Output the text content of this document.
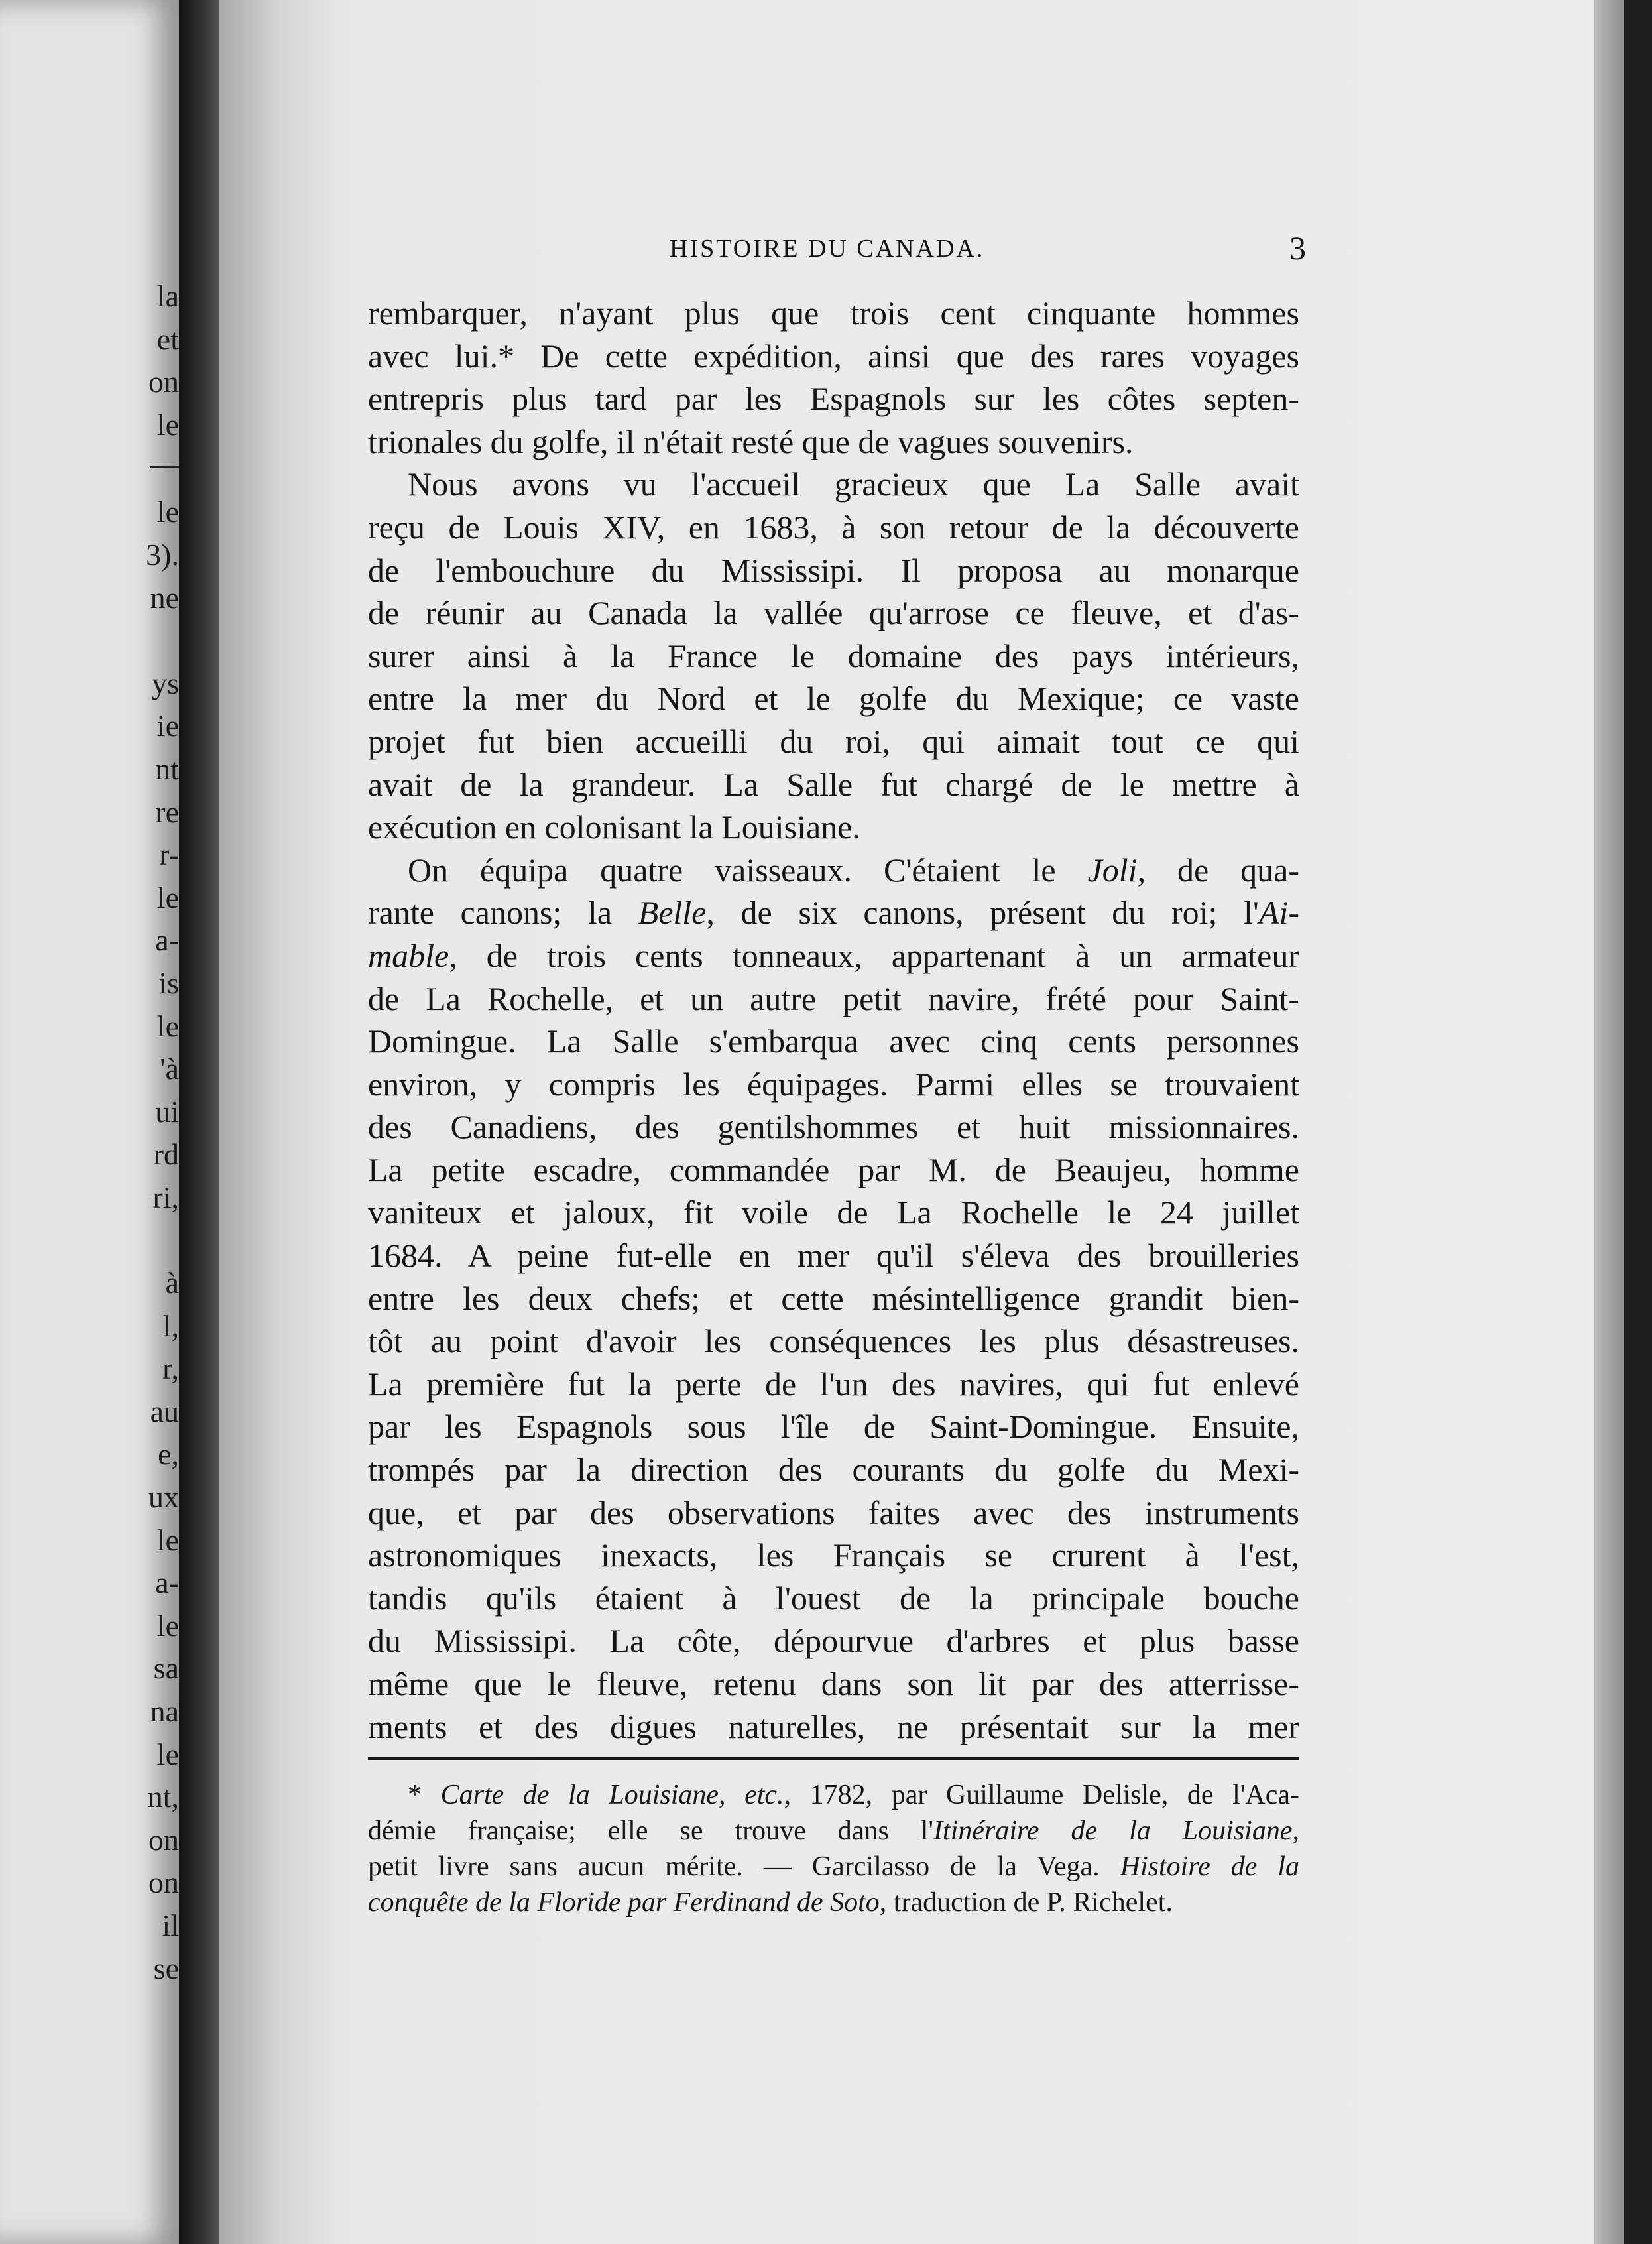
la
et
on
le
le
3).
ne
ys
ie
nt
re
r-
le
a-
is
le
'à
ui
rd
ri,
à
l,
r,
au
e,
ux
le
a-
le
sa
na
le
nt,
on
on
il
se
HISTOIRE DU CANADA.	3
rembarquer, n'ayant plus que trois cent cinquante hommes
avec lui.* De cette expédition, ainsi que des rares voyages
entrepris plus tard par les Espagnols sur les côtes septen-
trionales du golfe, il n'était resté que de vagues souvenirs.
Nous avons vu l'accueil gracieux que La Salle avait
reçu de Louis XIV, en 1683, à son retour de la découverte
de l'embouchure du Mississipi. Il proposa au monarque
de réunir au Canada la vallée qu'arrose ce fleuve, et d'as-
surer ainsi à la France le domaine des pays intérieurs,
entre la mer du Nord et le golfe du Mexique; ce vaste
projet fut bien accueilli du roi, qui aimait tout ce qui
avait de la grandeur. La Salle fut chargé de le mettre à
exécution en colonisant la Louisiane.
On équipa quatre vaisseaux. C'étaient le Joli, de qua-
rante canons; la Belle, de six canons, présent du roi; l'Ai-
mable, de trois cents tonneaux, appartenant à un armateur
de La Rochelle, et un autre petit navire, frété pour Saint-
Domingue. La Salle s'embarqua avec cinq cents personnes
environ, y compris les équipages. Parmi elles se trouvaient
des Canadiens, des gentilshommes et huit missionnaires.
La petite escadre, commandée par M. de Beaujeu, homme
vaniteux et jaloux, fit voile de La Rochelle le 24 juillet
1684. A peine fut-elle en mer qu'il s'éleva des brouilleries
entre les deux chefs; et cette mésintelligence grandit bien-
tôt au point d'avoir les conséquences les plus désastreuses.
La première fut la perte de l'un des navires, qui fut enlevé
par les Espagnols sous l'île de Saint-Domingue. Ensuite,
trompés par la direction des courants du golfe du Mexi-
que, et par des observations faites avec des instruments
astronomiques inexacts, les Français se crurent à l'est,
tandis qu'ils étaient à l'ouest de la principale bouche
du Mississipi. La côte, dépourvue d'arbres et plus basse
même que le fleuve, retenu dans son lit par des atterrisse-
ments et des digues naturelles, ne présentait sur la mer
* Carte de la Louisiane, etc., 1782, par Guillaume Delisle, de l'Aca-
démie française; elle se trouve dans l'Itinéraire de la Louisiane,
petit livre sans aucun mérite. — Garcilasso de la Vega. Histoire de la
conquête de la Floride par Ferdinand de Soto, traduction de P. Richelet.
